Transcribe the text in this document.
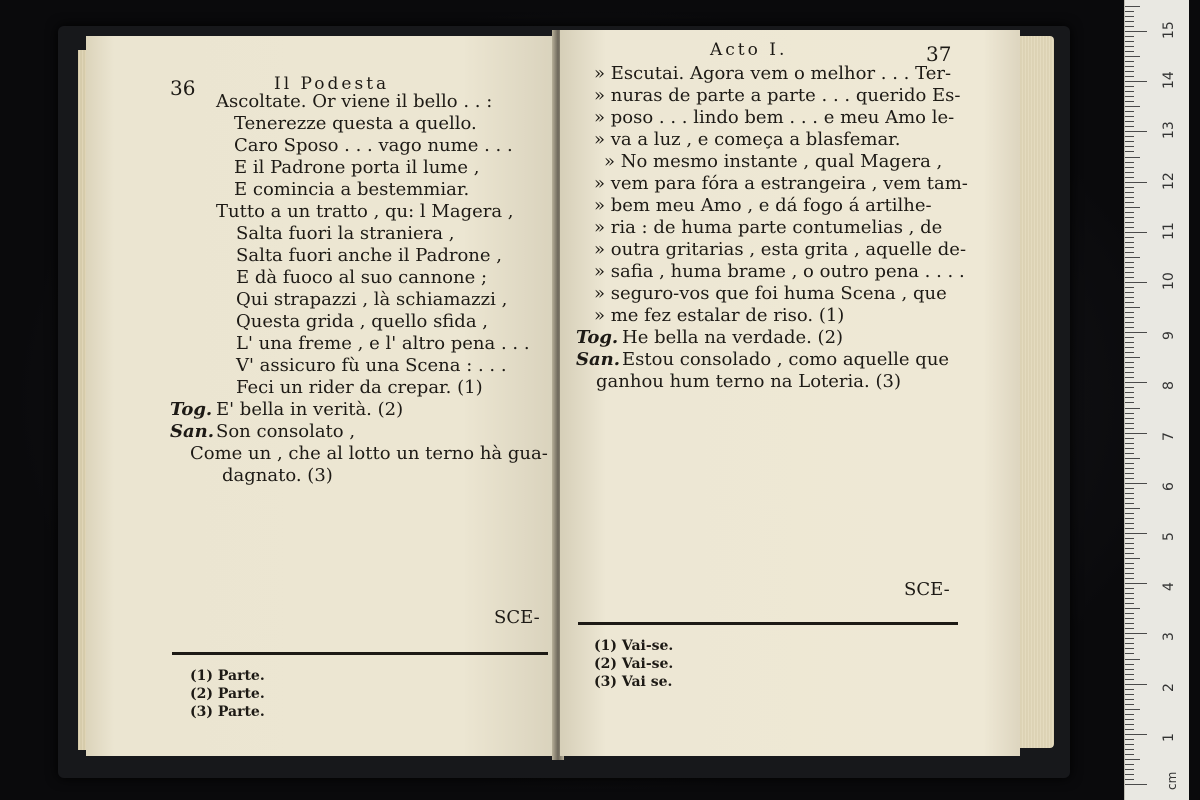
36	Il Podesta
Ascoltate. Or viene il bello . . :
Tenerezze questa a quello.
Caro Sposo . . . vago nume . . .
E il Padrone porta il lume ,
E comincia a bestemmiar.
Tutto a un tratto , qu: l Magera ,
Salta fuori la straniera ,
Salta fuori anche il Padrone ,
E dà fuoco al suo cannone ;
Qui strapazzi , là schiamazzi ,
Questa grida , quello sfida ,
L' una freme , e l' altro pena . . .
V' assicuro fù una Scena : . . .
Feci un rider da crepar. (1)
Tog. E' bella in verità. (2)
San. Son consolato ,
Come un , che al lotto un terno hà gua-
dagnato. (3)
SCE-
(1) Parte.
(2) Parte.
(3) Parte.
Acto I.	37
» Escutai. Agora vem o melhor . . . Ter-
» nuras de parte a parte . . . querido Es-
» poso . . . lindo bem . . . e meu Amo le-
» va a luz , e começa a blasfemar.
» No mesmo instante , qual Magera ,
» vem para fóra a estrangeira , vem tam-
» bem meu Amo , e dá fogo á artilhe-
» ria : de huma parte contumelias , de
» outra gritarias , esta grita , aquelle de-
» safia , huma brame , o outro pena . . . .
» seguro-vos que foi huma Scena , que
» me fez estalar de riso. (1)
Tog. He bella na verdade. (2)
San. Estou consolado , como aquelle que
ganhou hum terno na Loteria. (3)
SCE-
(1) Vai-se.
(2) Vai-se.
(3) Vai se.
cm
1
2
3
4
5
6
7
8
9
10
11
12
13
14
15
